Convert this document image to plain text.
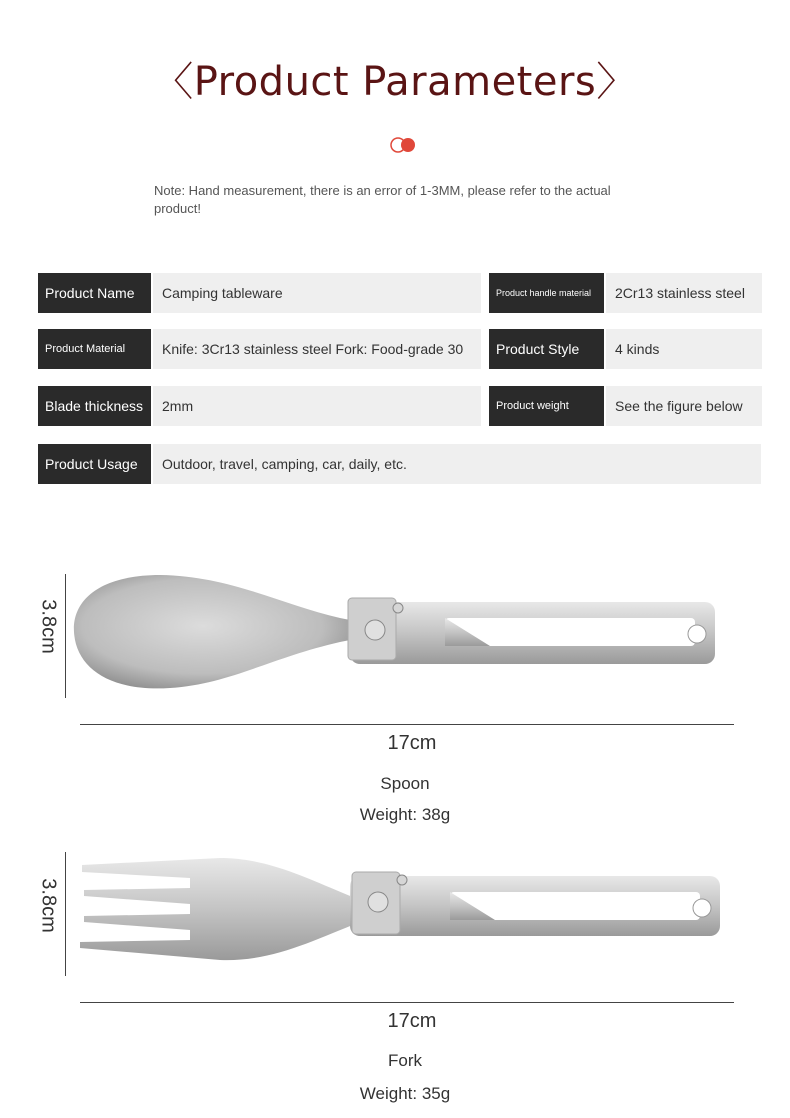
〈Product Parameters〉
Note: Hand measurement, there is an error of 1-3MM, please refer to the actual product!
Product Name	Camping tableware	Product handle material	2Cr13 stainless steel
Product Material	Knife: 3Cr13 stainless steel Fork: Food-grade 30	Product Style	4 kinds
Blade thickness	2mm	Product weight	See the figure below
Product Usage	Outdoor, travel, camping, car, daily, etc.
3.8cm
17cm
Spoon
Weight: 38g
3.8cm
17cm
Fork
Weight: 35g
